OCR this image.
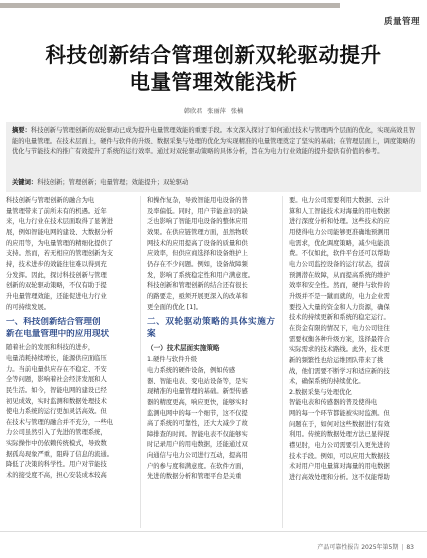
质量管理
科技创新结合管理创新双轮驱动提升
电量管理效能浅析
韩欣君 张丽萍 张楠
摘要：科技创新与管理创新的双轮驱动已成为提升电量管理效能的重要手段。本文深入探讨了如何通过技术与管理两个层面的优化，实现高效且智能的电量管理。在技术层面上，硬件与软件的升级、数据采集与处理的优化为实现精准的电量管理奠定了坚实的基础；在管理层面上，调度策略的优化与节能技术的推广有效提升了系统的运行效率。通过对双轮驱动策略的具体分析，旨在为电力行业效能的提升提供有价值的参考。
关键词：科技创新；管理创新；电量管理；效能提升；双轮驱动
科技创新与管理创新的融合为电
量管理带来了前所未有的机遇。近年
来，电力行业在技术层面取得了显著进
展，例如智能电网的建设、大数据分析
的应用等，为电量管理的精细化提供了
支持。然而，若无相应的管理创新为支
持，技术进步的效能往往难以得到充
分发挥。因此，探讨科技创新与管理
创新的双轮驱动策略，不仅有助于提
升电量管理效能，还能促进电力行业
的可持续发展。
一、科技创新结合管理创
新在电量管理中的应用现状
随着社会的发展和科技的进步，
电量消耗持续增长，能源供应面临压
力。当前电量供应存在不稳定、不安
全等问题，影响着社会经济发展和人
民生活。如今，智能电网的建设已经
初见成效，实时监测和数据处理技术
使电力系统的运行更加灵活高效。但
在技术与管理的融合并不充分，一些电
力公司虽然引入了先进的管理系统，
实际操作中仍依赖传统模式，导致数
据孤岛现象严重，阻碍了信息的流通。
降低了决策的科学性。用户对节能技
术的接受度不高，担心安装成本较高
和操作复杂，导致智能用电设备的普
及率偏低。同时，用户节能意识的缺
乏也影响了智能用电设备的整体应用
效果。在供应链管理方面，虽然物联
网技术的应用提高了设备的质量和供
应效率，但供应商选择和设备维护上
仍存在不少问题。例如，设备故障频
发，影响了系统稳定性和用户满意度。
科技创新和管理创新的结合还有很长
的路要走，亟须开展更深入的改革和
更全面的优化 [1]。
二、双轮驱动策略的具体实施方案
（一）技术层面实施策略
1.硬件与软件升级
电力系统的硬件设备，例如传感
器、智能电表、变电站设备等，是实
现精准的电量管理的基础。新型传感
器的精度更高，响应更快，能够实时
监测电网中的每一个细节，这不仅提
高了系统的可靠性，还大大减少了故
障排查的时间。智能电表不仅能够实
时记录用户的用电数据，还能通过双
向通信与电力公司进行互动，提高用
户的参与度和满意度。在软件方面，
先进的数据分析和管理平台是关重
要。电力公司需要利用大数据、云计
算和人工智能技术对海量的用电数据
进行深度分析和处理。这些技术的应
用使得电力公司能够更准确地预测用
电需求，优化调度策略，减少电能浪
费。不仅如此，软件平台还可以帮助
电力公司监控设备的运行状态，提前
预测潜在故障，从而提高系统的维护
效率和安全性。然而，硬件与软件的
升级并不是一蹴而就的，电力企业需
要投入大量的资金和人力资源，确保
技术的持续更新和系统的稳定运行。
在资金有限的情况下，电力公司往往
需要权衡各种升级方案，选择最符合
实际需求的技术路线。此外，技术更
新的频繁性也给运维团队带来了挑
战，他们需要不断学习和适应新的技
术，确保系统的持续优化。
2.数据采集与处理优化
智能电表和传感器的普及使得电
网的每一个环节都能被实时监测。但
问题在于，如何对这些数据进行有效
利用。传统的数据处理方法已显得捉
襟见肘，电力公司需要引入更先进的
技术手段。例如，可以应用大数据技
术对用户用电量算对海量的用电数据
进行高效处理和分析。这不仅能帮助
产品可靠性报告 2025年第5期 | 83
